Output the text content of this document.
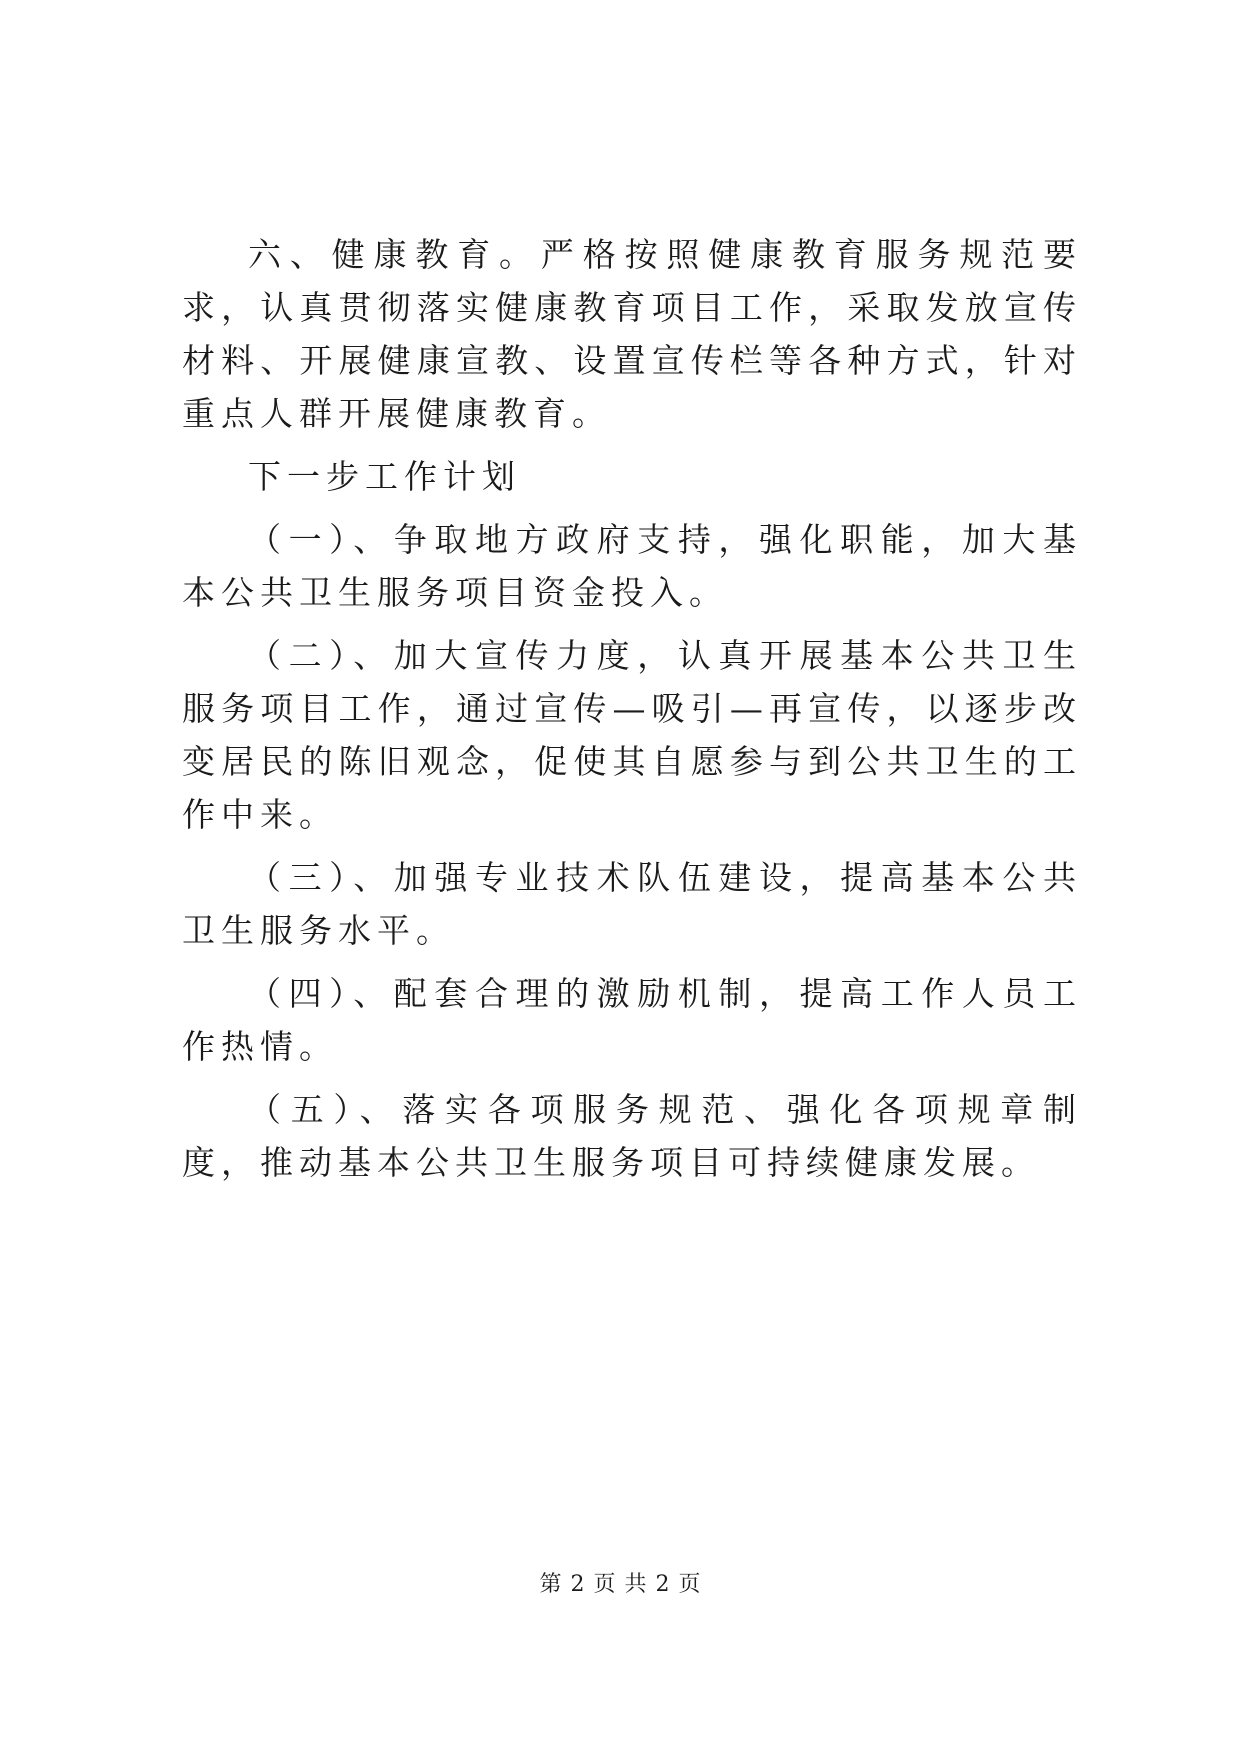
六、健康教育。严格按照健康教育服务规范要求，认真贯彻落实健康教育项目工作，采取发放宣传材料、开展健康宣教、设置宣传栏等各种方式，针对重点人群开展健康教育。

下一步工作计划

（一）、争取地方政府支持，强化职能，加大基本公共卫生服务项目资金投入。

（二）、加大宣传力度，认真开展基本公共卫生服务项目工作，通过宣传—吸引—再宣传，以逐步改变居民的陈旧观念，促使其自愿参与到公共卫生的工作中来。

（三）、加强专业技术队伍建设，提高基本公共卫生服务水平。

（四）、配套合理的激励机制，提高工作人员工作热情。

（五）、落实各项服务规范、强化各项规章制度，推动基本公共卫生服务项目可持续健康发展。

第 2 页 共 2 页
